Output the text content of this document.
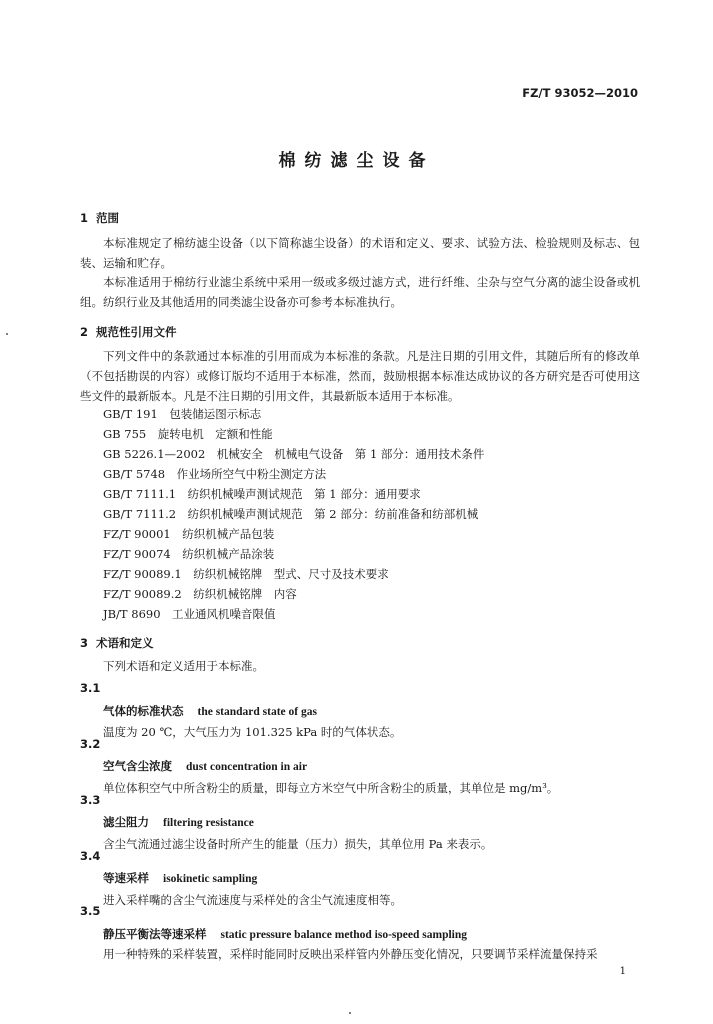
FZ/T 93052—2010
棉纺滤尘设备
1 范围
本标准规定了棉纺滤尘设备（以下简称滤尘设备）的术语和定义、要求、试验方法、检验规则及标志、包装、运输和贮存。
本标准适用于棉纺行业滤尘系统中采用一级或多级过滤方式，进行纤维、尘杂与空气分离的滤尘设备或机组。纺织行业及其他适用的同类滤尘设备亦可参考本标准执行。
2 规范性引用文件
下列文件中的条款通过本标准的引用而成为本标准的条款。凡是注日期的引用文件，其随后所有的修改单（不包括勘误的内容）或修订版均不适用于本标准，然而，鼓励根据本标准达成协议的各方研究是否可使用这些文件的最新版本。凡是不注日期的引用文件，其最新版本适用于本标准。
GB/T 191　包装储运图示标志
GB 755　旋转电机　定额和性能
GB 5226.1—2002　机械安全　机械电气设备　第 1 部分：通用技术条件
GB/T 5748　作业场所空气中粉尘测定方法
GB/T 7111.1　纺织机械噪声测试规范　第 1 部分：通用要求
GB/T 7111.2　纺织机械噪声测试规范　第 2 部分：纺前准备和纺部机械
FZ/T 90001　纺织机械产品包装
FZ/T 90074　纺织机械产品涂装
FZ/T 90089.1　纺织机械铭牌　型式、尺寸及技术要求
FZ/T 90089.2　纺织机械铭牌　内容
JB/T 8690　工业通风机噪音限值
3 术语和定义
下列术语和定义适用于本标准。
3.1
气体的标准状态 the standard state of gas
温度为 20 ℃，大气压力为 101.325 kPa 时的气体状态。
3.2
空气含尘浓度 dust concentration in air
单位体积空气中所含粉尘的质量，即每立方米空气中所含粉尘的质量，其单位是 mg/m³。
3.3
滤尘阻力 filtering resistance
含尘气流通过滤尘设备时所产生的能量（压力）损失，其单位用 Pa 来表示。
3.4
等速采样 isokinetic sampling
进入采样嘴的含尘气流速度与采样处的含尘气流速度相等。
3.5
静压平衡法等速采样 static pressure balance method iso-speed sampling
用一种特殊的采样装置，采样时能同时反映出采样管内外静压变化情况，只要调节采样流量保持采
1
